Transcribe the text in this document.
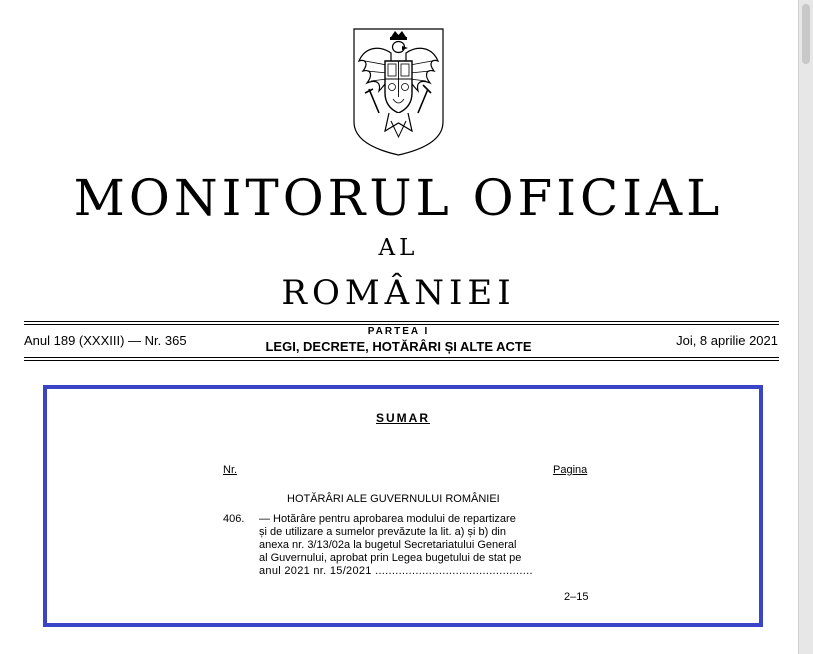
MONITORUL OFICIAL
AL
ROMÂNIEI
Anul 189 (XXXIII) — Nr. 365
PARTEA I
LEGI, DECRETE, HOTĂRÂRI ȘI ALTE ACTE	Joi, 8 aprilie 2021
SUMAR
Nr.	Pagina
HOTĂRÂRI ALE GUVERNULUI ROMÂNIEI
406. — Hotărâre pentru aprobarea modului de repartizare
și de utilizare a sumelor prevăzute la lit. a) și b) din
anexa nr. 3/13/02a la bugetul Secretariatului General
al Guvernului, aprobat prin Legea bugetului de stat pe
anul 2021 nr. 15/2021 ...............................................
2–15
